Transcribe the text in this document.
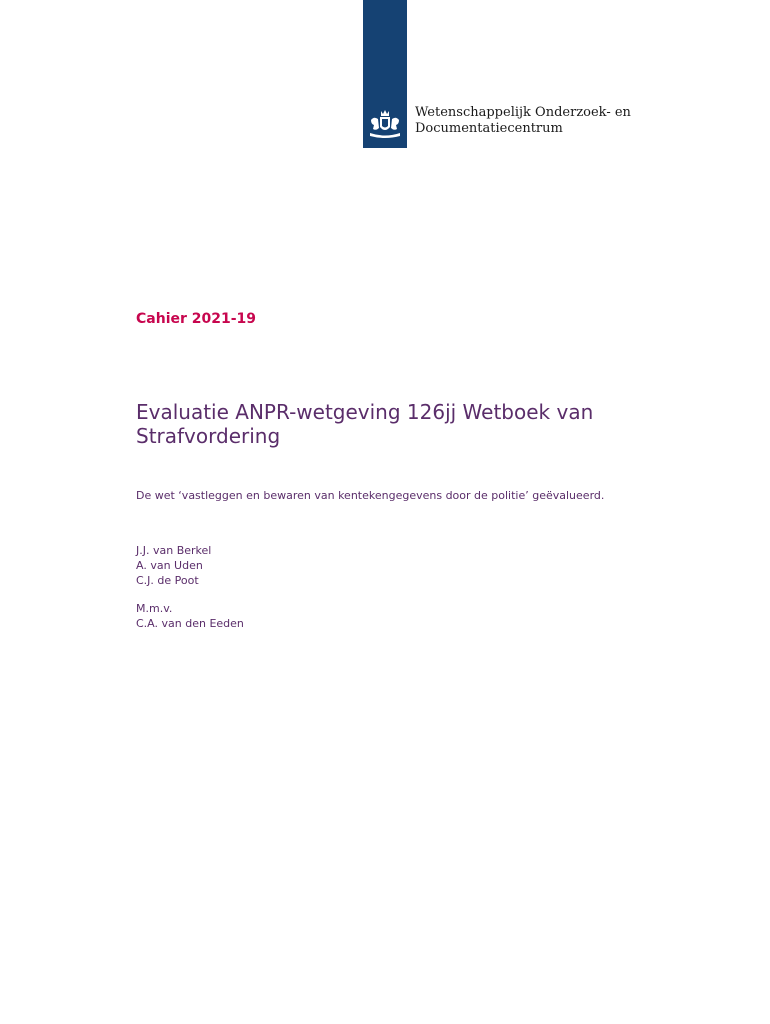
Wetenschappelijk Onderzoek- en
Documentatiecentrum
Cahier 2021-19
Evaluatie ANPR-wetgeving 126jj Wetboek van Strafvordering
De wet ‘vastleggen en bewaren van kentekengegevens door de politie’ geëvalueerd.
J.J. van Berkel
A. van Uden
C.J. de Poot
M.m.v.
C.A. van den Eeden
